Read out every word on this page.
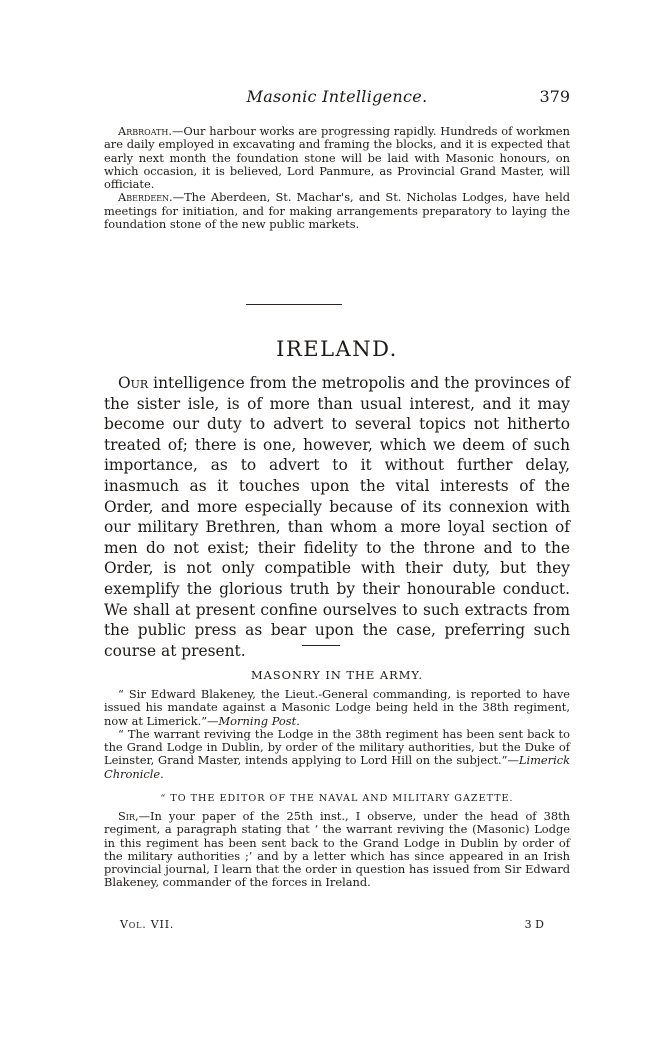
Masonic Intelligence.	379

Arbroath.—Our harbour works are progressing rapidly. Hundreds of workmen are daily employed in excavating and framing the blocks, and it is expected that early next month the foundation stone will be laid with Masonic honours, on which occasion, it is believed, Lord Panmure, as Provincial Grand Master, will officiate.

Aberdeen.—The Aberdeen, St. Machar's, and St. Nicholas Lodges, have held meetings for initiation, and for making arrangements preparatory to laying the foundation stone of the new public markets.

IRELAND.

Our intelligence from the metropolis and the provinces of the sister isle, is of more than usual interest, and it may become our duty to advert to several topics not hitherto treated of; there is one, however, which we deem of such importance, as to advert to it without further delay, inasmuch as it touches upon the vital interests of the Order, and more especially because of its connexion with our military Brethren, than whom a more loyal section of men do not exist; their fidelity to the throne and to the Order, is not only compatible with their duty, but they exemplify the glorious truth by their honourable conduct. We shall at present confine ourselves to such extracts from the public press as bear upon the case, preferring such course at present.

MASONRY IN THE ARMY.

“ Sir Edward Blakeney, the Lieut.-General commanding, is reported to have issued his mandate against a Masonic Lodge being held in the 38th regiment, now at Limerick.”—Morning Post.

“ The warrant reviving the Lodge in the 38th regiment has been sent back to the Grand Lodge in Dublin, by order of the military authorities, but the Duke of Leinster, Grand Master, intends applying to Lord Hill on the subject.”—Limerick Chronicle.

“ TO THE EDITOR OF THE NAVAL AND MILITARY GAZETTE.

Sir,—In your paper of the 25th inst., I observe, under the head of 38th regiment, a paragraph stating that ‘ the warrant reviving the (Masonic) Lodge in this regiment has been sent back to the Grand Lodge in Dublin by order of the military authorities ;’ and by a letter which has since appeared in an Irish provincial journal, I learn that the order in question has issued from Sir Edward Blakeney, commander of the forces in Ireland.

Vol. VII.	3 D
